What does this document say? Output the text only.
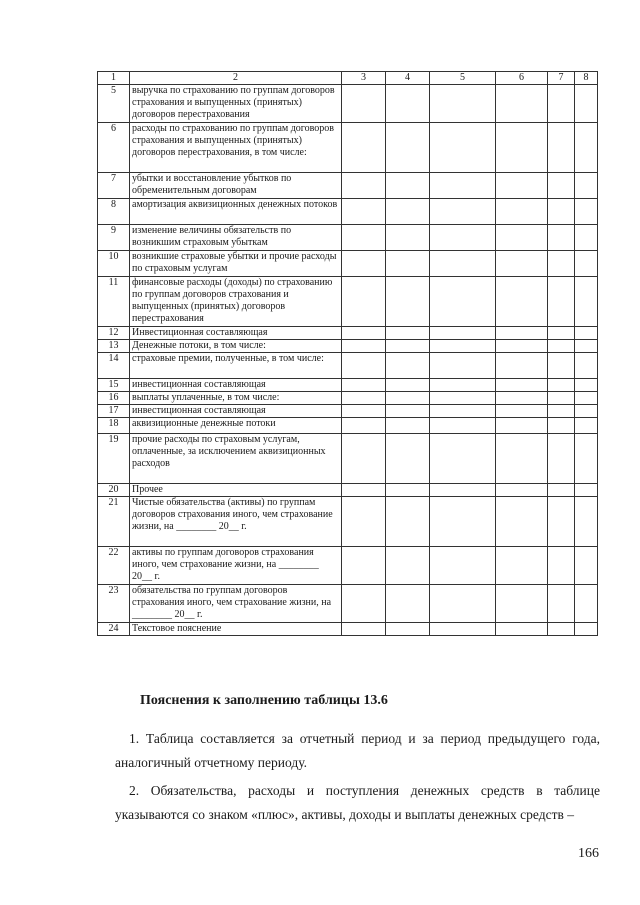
1	2	3	4	5	6	7	8
5	выручка по страхованию по группам договоров страхования и выпущенных (принятых) договоров перестрахования						
6	расходы по страхованию по группам договоров страхования и выпущенных (принятых) договоров перестрахования, в том числе:						
7	убытки и восстановление убытков по обременительным договорам						
8	амортизация аквизиционных денежных потоков						
9	изменение величины обязательств по возникшим страховым убыткам						
10	возникшие страховые убытки и прочие расходы по страховым услугам						
11	финансовые расходы (доходы) по страхованию по группам договоров страхования и выпущенных (принятых) договоров перестрахования						
12	Инвестиционная составляющая						
13	Денежные потоки, в том числе:						
14	страховые премии, полученные, в том числе:						
15	инвестиционная составляющая						
16	выплаты уплаченные, в том числе:						
17	инвестиционная составляющая						
18	аквизиционные денежные потоки						
19	прочие расходы по страховым услугам, оплаченные, за исключением аквизиционных расходов						
20	Прочее						
21	Чистые обязательства (активы) по группам договоров страхования иного, чем страхование жизни, на ________ 20__ г.						
22	активы по группам договоров страхования иного, чем страхование жизни, на ________ 20__ г.						
23	обязательства по группам договоров страхования иного, чем страхование жизни, на ________ 20__ г.						
24	Текстовое пояснение						
Пояснения к заполнению таблицы 13.6
1. Таблица составляется за отчетный период и за период предыдущего года, аналогичный отчетному периоду.
2. Обязательства, расходы и поступления денежных средств в таблице указываются со знаком «плюс», активы, доходы и выплаты денежных средств –
166
